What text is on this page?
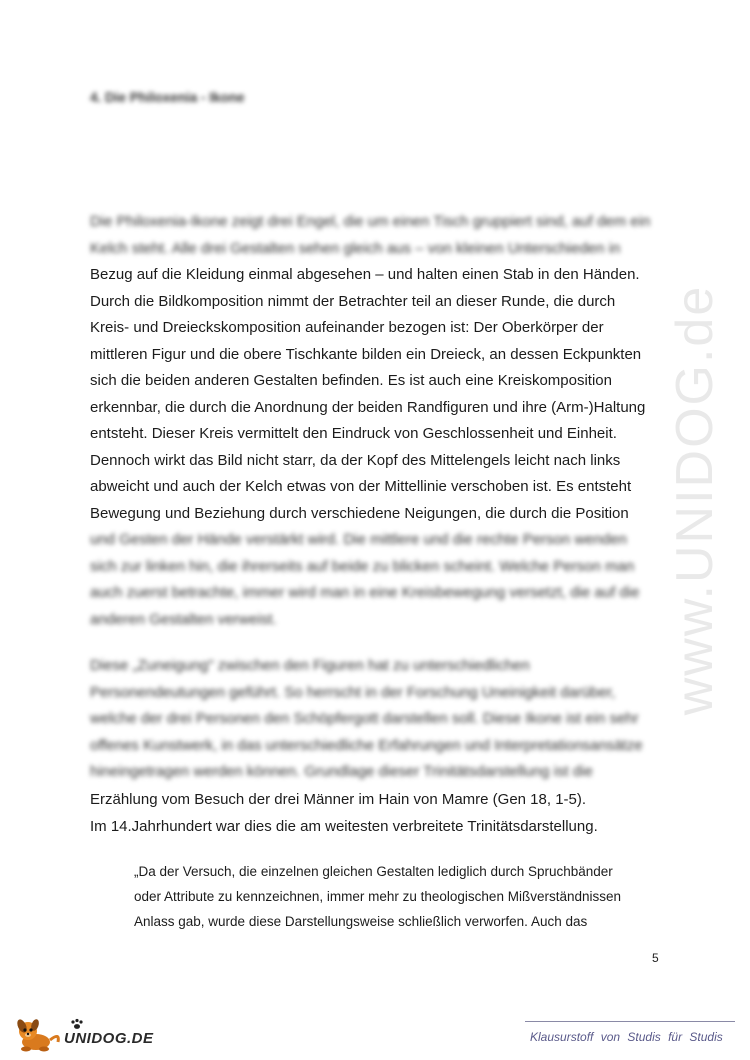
www.UNIDOG.de
4. Die Philoxenia - Ikone
Die Philoxenia-Ikone zeigt drei Engel, die um einen Tisch gruppiert sind, auf dem ein
Kelch steht. Alle drei Gestalten sehen gleich aus – von kleinen Unterschieden in
Bezug auf die Kleidung einmal abgesehen – und halten einen Stab in den Händen.
Durch die Bildkomposition nimmt der Betrachter teil an dieser Runde, die durch
Kreis- und Dreieckskomposition aufeinander bezogen ist: Der Oberkörper der
mittleren Figur und die obere Tischkante bilden ein Dreieck, an dessen Eckpunkten
sich die beiden anderen Gestalten befinden. Es ist auch eine Kreiskomposition
erkennbar, die durch die Anordnung der beiden Randfiguren und ihre (Arm-)Haltung
entsteht. Dieser Kreis vermittelt den Eindruck von Geschlossenheit und Einheit.
Dennoch wirkt das Bild nicht starr, da der Kopf des Mittelengels leicht nach links
abweicht und auch der Kelch etwas von der Mittellinie verschoben ist. Es entsteht
Bewegung und Beziehung durch verschiedene Neigungen, die durch die Position
und Gesten der Hände verstärkt wird. Die mittlere und die rechte Person wenden
sich zur linken hin, die ihrerseits auf beide zu blicken scheint. Welche Person man
auch zuerst betrachte, immer wird man in eine Kreisbewegung versetzt, die auf die
anderen Gestalten verweist.
Diese „Zuneigung" zwischen den Figuren hat zu unterschiedlichen
Personendeutungen geführt. So herrscht in der Forschung Uneinigkeit darüber,
welche der drei Personen den Schöpfergott darstellen soll. Diese Ikone ist ein sehr
offenes Kunstwerk, in das unterschiedliche Erfahrungen und Interpretationsansätze
hineingetragen werden können. Grundlage dieser Trinitätsdarstellung ist die
Erzählung vom Besuch der drei Männer im Hain von Mamre (Gen 18, 1-5).
Im 14.Jahrhundert war dies die am weitesten verbreitete Trinitätsdarstellung.
„Da der Versuch, die einzelnen gleichen Gestalten lediglich durch Spruchbänder
oder Attribute zu kennzeichnen, immer mehr zu theologischen Mißverständnissen
Anlass gab, wurde diese Darstellungsweise schließlich verworfen. Auch das
5
UNIDOG.DE	Klausurstoff von Studis für Studis
